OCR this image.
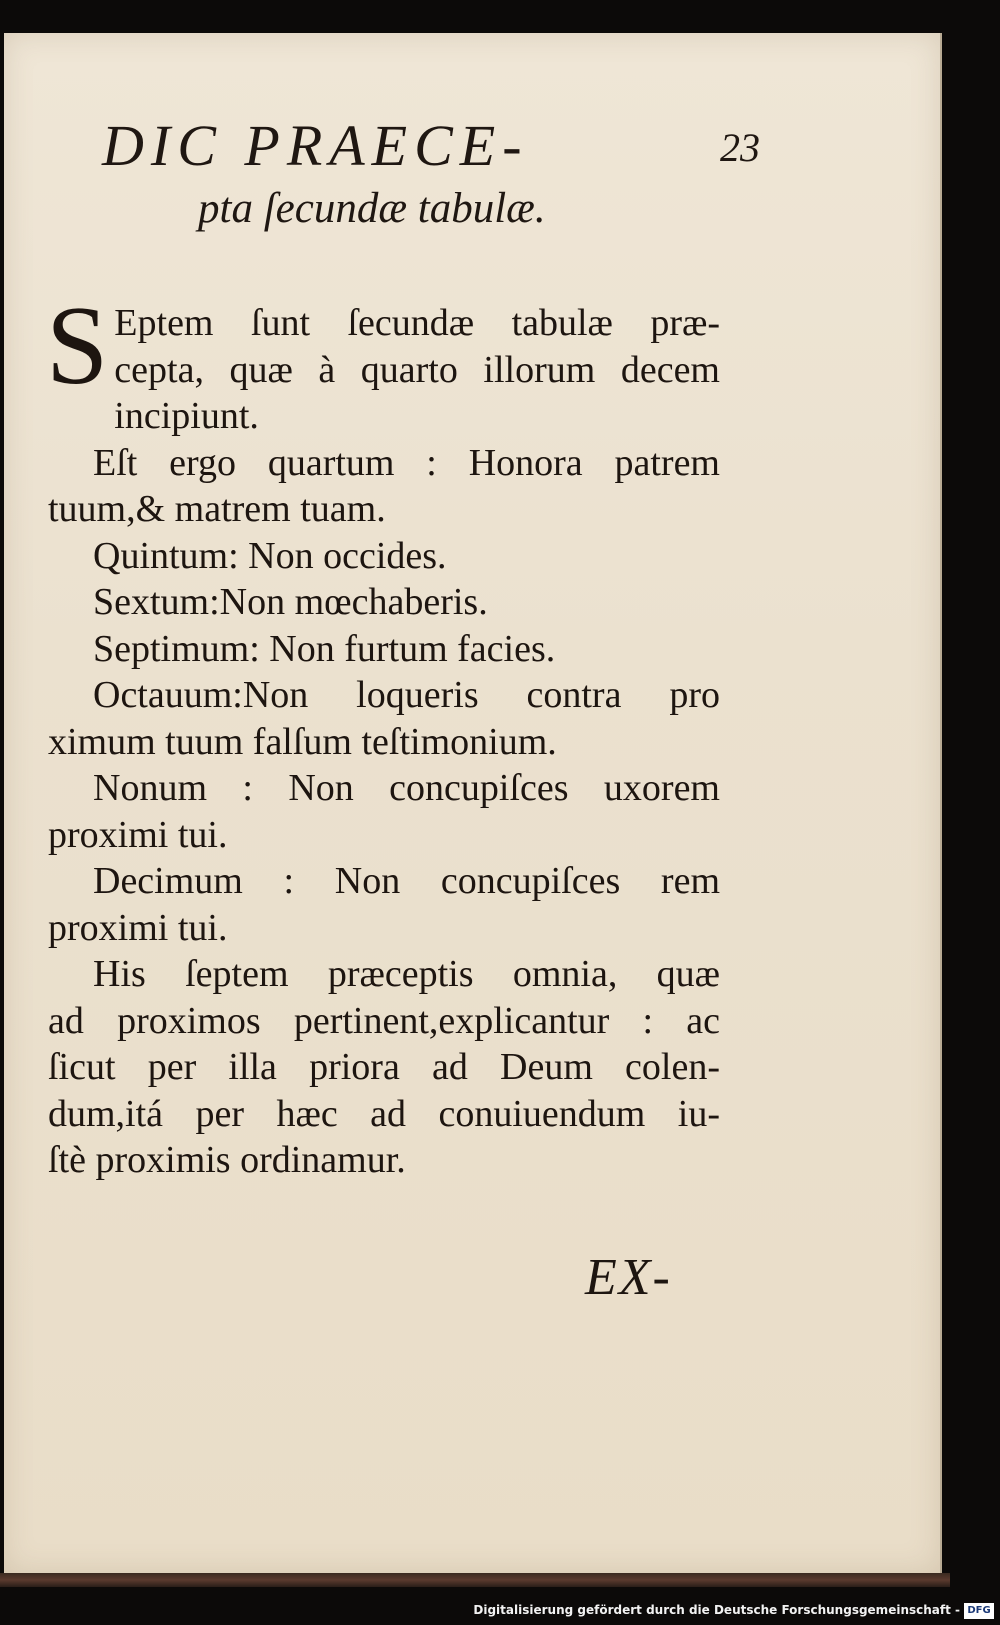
DIC PRAECE-	23
pta ſecundæ tabulæ.
S Eptem ſunt ſecundæ tabulæ præ-
cepta, quæ à quarto illorum decem
incipiunt.
Eſt ergo quartum : Honora patrem
tuum,& matrem tuam.
Quintum: Non occides.
Sextum:Non mœchaberis.
Septimum: Non furtum facies.
Octauum:Non loqueris contra pro
ximum tuum falſum teſtimonium.
Nonum : Non concupiſces uxorem
proximi tui.
Decimum : Non concupiſces rem
proximi tui.
His ſeptem præceptis omnia, quæ
ad proximos pertinent,explicantur : ac
ſicut per illa priora ad Deum colen-
dum,itá per hæc ad conuiuendum iu-
ſtè proximis ordinamur.
EX-
Digitalisierung gefördert durch die Deutsche Forschungsgemeinschaft - DFG
